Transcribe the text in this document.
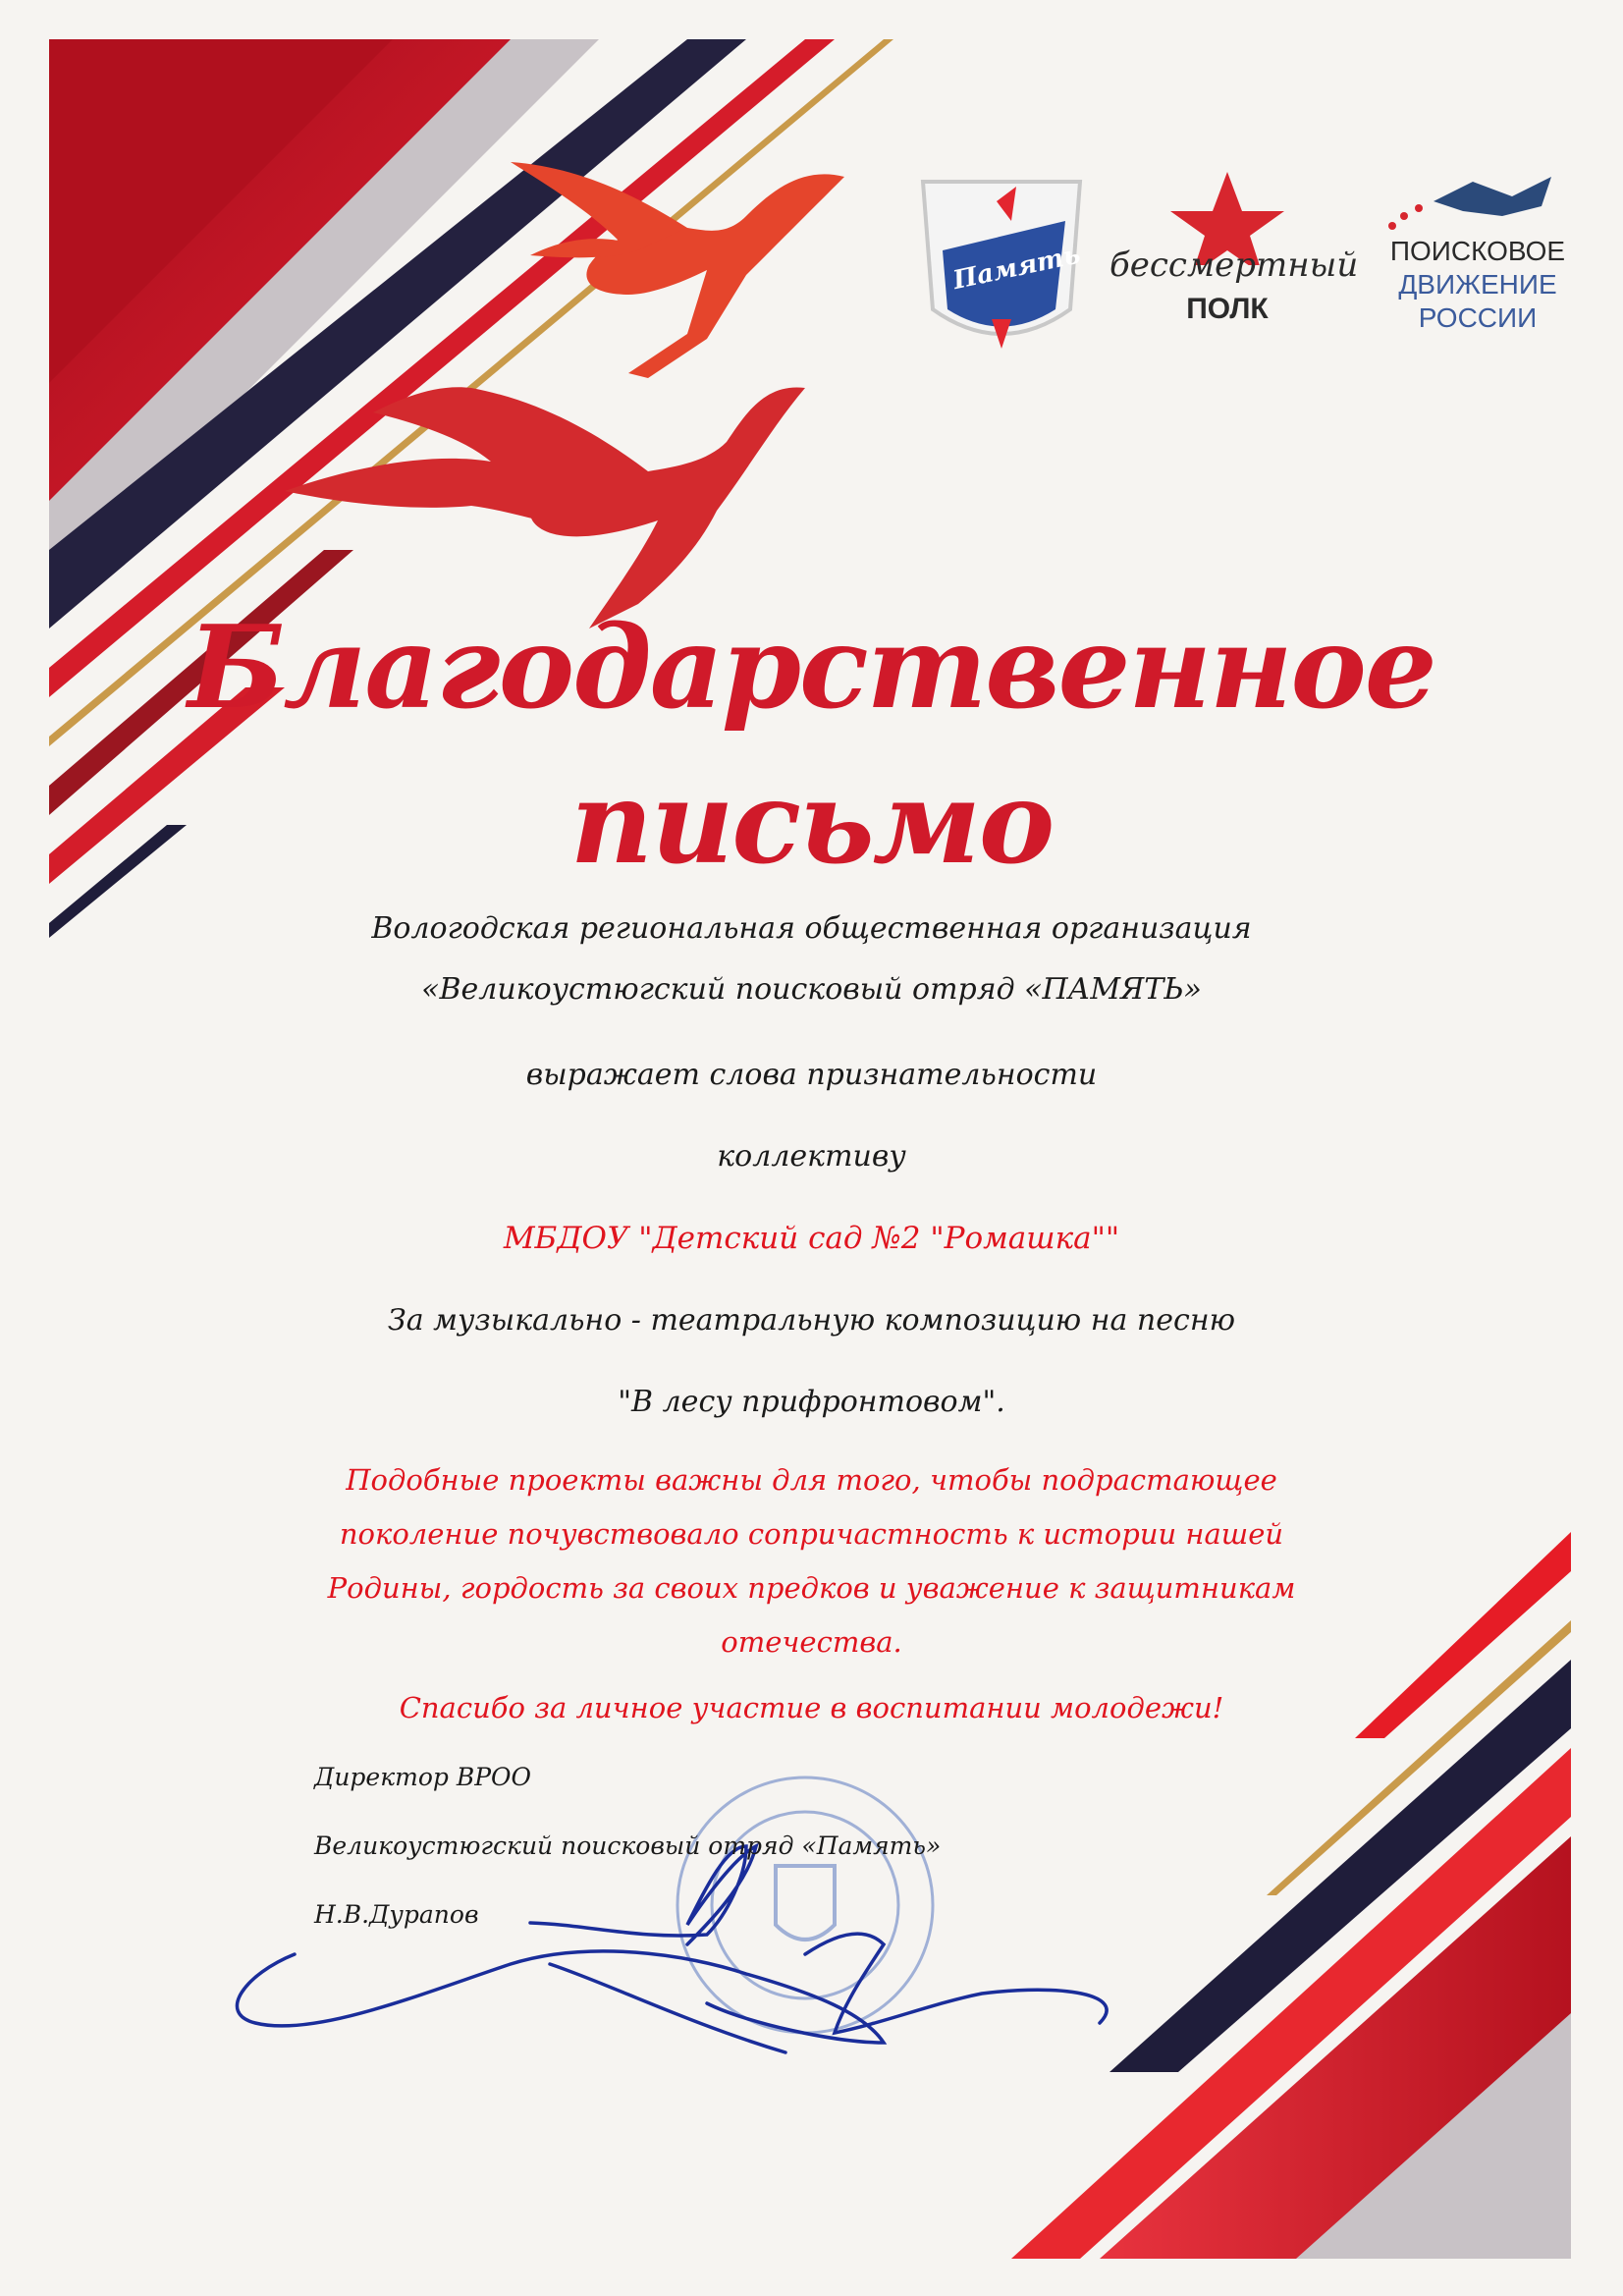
Память бессмертный
ПОЛК
ПОИСКОВОЕ
ДВИЖЕНИЕ
РОССИИ
Благодарственное
письмо
Вологодская региональная общественная организация
«Великоустюгский поисковый отряд «ПАМЯТЬ»
выражает слова признательности
коллективу
МБДОУ "Детский сад №2 "Ромашка""
За музыкально - театральную композицию на песню
"В лесу прифронтовом".
Подобные проекты важны для того, чтобы подрастающее
поколение почувствовало сопричастность к истории нашей
Родины, гордость за своих предков и уважение к защитникам
отечества.
Спасибо за личное участие в воспитании молодежи!
Директор ВРОО
Великоустюгский поисковый отряд «Память»
Н.В.Дурапов
